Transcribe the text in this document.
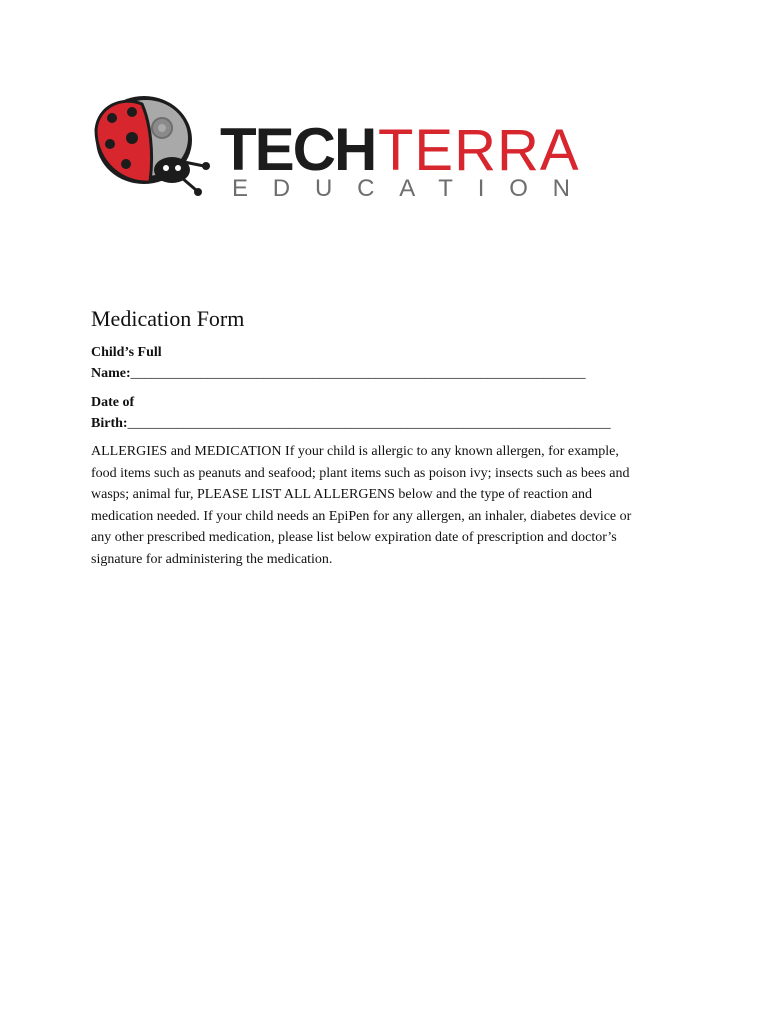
TECH TERRA
EDUCATION
Medication Form
Child’s Full
Name:_________________________________________________________________
Date of
Birth:_____________________________________________________________________
ALLERGIES and MEDICATION If your child is allergic to any known allergen, for example,
food items such as peanuts and seafood; plant items such as poison ivy; insects such as bees and
wasps; animal fur, PLEASE LIST ALL ALLERGENS below and the type of reaction and
medication needed. If your child needs an EpiPen for any allergen, an inhaler, diabetes device or
any other prescribed medication, please list below expiration date of prescription and doctor’s
signature for administering the medication.
